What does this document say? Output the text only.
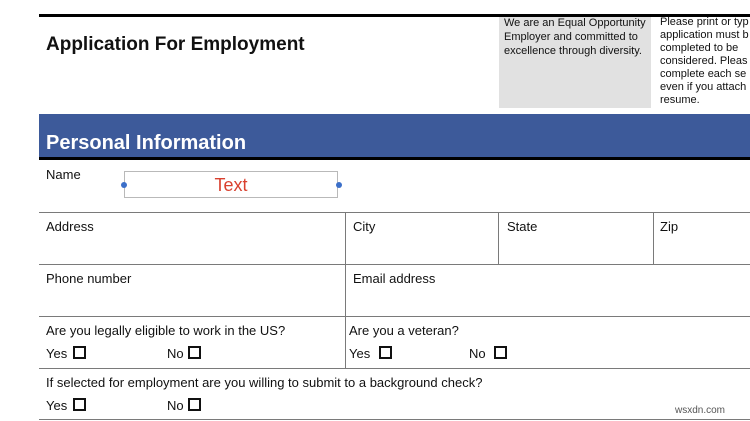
Application For Employment
We are an Equal Opportunity Employer and committed to excellence through diversity.
Please print or typ
application must b
completed to be
considered. Pleas
complete each se
even if you attach
resume.
Personal Information
Name
Text
Address	City	State	Zip
Phone number	Email address
Are you legally eligible to work in the US?
Yes	No
Are you a veteran?
Yes	No
If selected for employment are you willing to submit to a background check?
Yes	No	wsxdn.com
